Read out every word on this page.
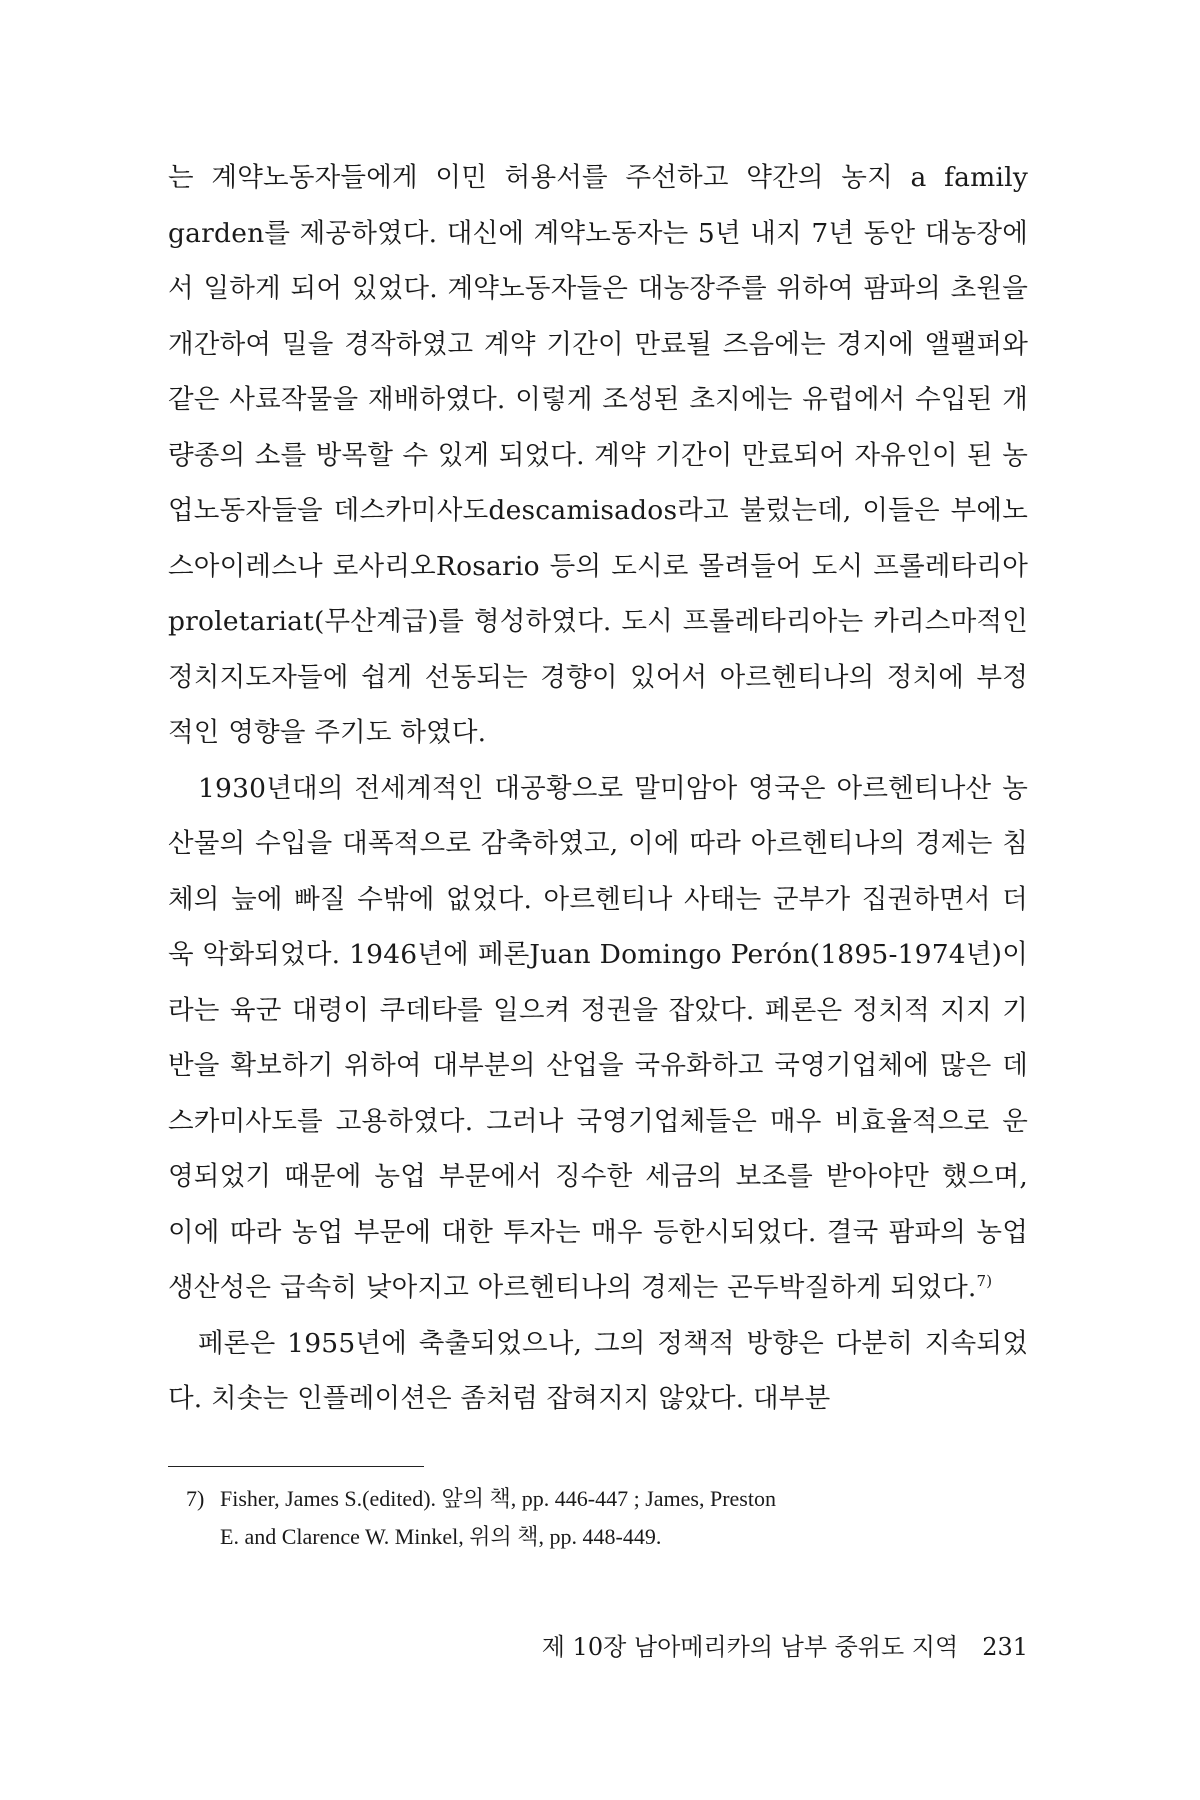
는 계약노동자들에게 이민 허용서를 주선하고 약간의 농지 a family garden를 제공하였다. 대신에 계약노동자는 5년 내지 7년 동안 대농장에서 일하게 되어 있었다. 계약노동자들은 대농장주를 위하여 팜파의 초원을 개간하여 밀을 경작하였고 계약 기간이 만료될 즈음에는 경지에 앨팰퍼와 같은 사료작물을 재배하였다. 이렇게 조성된 초지에는 유럽에서 수입된 개량종의 소를 방목할 수 있게 되었다. 계약 기간이 만료되어 자유인이 된 농업노동자들을 데스카미사도descamisados라고 불렀는데, 이들은 부에노스아이레스나 로사리오Rosario 등의 도시로 몰려들어 도시 프롤레타리아proletariat(무산계급)를 형성하였다. 도시 프롤레타리아는 카리스마적인 정치지도자들에 쉽게 선동되는 경향이 있어서 아르헨티나의 정치에 부정적인 영향을 주기도 하였다.

1930년대의 전세계적인 대공황으로 말미암아 영국은 아르헨티나산 농산물의 수입을 대폭적으로 감축하였고, 이에 따라 아르헨티나의 경제는 침체의 늪에 빠질 수밖에 없었다. 아르헨티나 사태는 군부가 집권하면서 더욱 악화되었다. 1946년에 페론Juan Domingo Perón(1895-1974년)이라는 육군 대령이 쿠데타를 일으켜 정권을 잡았다. 페론은 정치적 지지 기반을 확보하기 위하여 대부분의 산업을 국유화하고 국영기업체에 많은 데스카미사도를 고용하였다. 그러나 국영기업체들은 매우 비효율적으로 운영되었기 때문에 농업 부문에서 징수한 세금의 보조를 받아야만 했으며, 이에 따라 농업 부문에 대한 투자는 매우 등한시되었다. 결국 팜파의 농업 생산성은 급속히 낮아지고 아르헨티나의 경제는 곤두박질하게 되었다.$^{7)}$

페론은 1955년에 축출되었으나, 그의 정책적 방향은 다분히 지속되었다. 치솟는 인플레이션은 좀처럼 잡혀지지 않았다. 대부분

7) Fisher, James S.(edited). 앞의 책, pp. 446-447 ; James, Preston
E. and Clarence W. Minkel, 위의 책, pp. 448-449.
제 10장 남아메리카의 남부 중위도 지역 231
